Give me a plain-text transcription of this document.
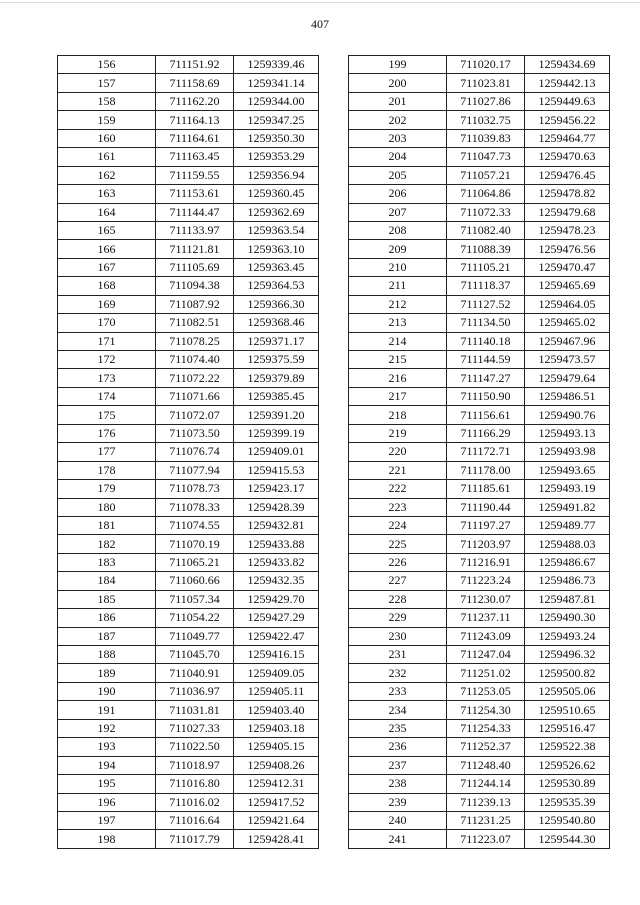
407
156	711151.92	1259339.46
157	711158.69	1259341.14
158	711162.20	1259344.00
159	711164.13	1259347.25
160	711164.61	1259350.30
161	711163.45	1259353.29
162	711159.55	1259356.94
163	711153.61	1259360.45
164	711144.47	1259362.69
165	711133.97	1259363.54
166	711121.81	1259363.10
167	711105.69	1259363.45
168	711094.38	1259364.53
169	711087.92	1259366.30
170	711082.51	1259368.46
171	711078.25	1259371.17
172	711074.40	1259375.59
173	711072.22	1259379.89
174	711071.66	1259385.45
175	711072.07	1259391.20
176	711073.50	1259399.19
177	711076.74	1259409.01
178	711077.94	1259415.53
179	711078.73	1259423.17
180	711078.33	1259428.39
181	711074.55	1259432.81
182	711070.19	1259433.88
183	711065.21	1259433.82
184	711060.66	1259432.35
185	711057.34	1259429.70
186	711054.22	1259427.29
187	711049.77	1259422.47
188	711045.70	1259416.15
189	711040.91	1259409.05
190	711036.97	1259405.11
191	711031.81	1259403.40
192	711027.33	1259403.18
193	711022.50	1259405.15
194	711018.97	1259408.26
195	711016.80	1259412.31
196	711016.02	1259417.52
197	711016.64	1259421.64
198	711017.79	1259428.41
199	711020.17	1259434.69
200	711023.81	1259442.13
201	711027.86	1259449.63
202	711032.75	1259456.22
203	711039.83	1259464.77
204	711047.73	1259470.63
205	711057.21	1259476.45
206	711064.86	1259478.82
207	711072.33	1259479.68
208	711082.40	1259478.23
209	711088.39	1259476.56
210	711105.21	1259470.47
211	711118.37	1259465.69
212	711127.52	1259464.05
213	711134.50	1259465.02
214	711140.18	1259467.96
215	711144.59	1259473.57
216	711147.27	1259479.64
217	711150.90	1259486.51
218	711156.61	1259490.76
219	711166.29	1259493.13
220	711172.71	1259493.98
221	711178.00	1259493.65
222	711185.61	1259493.19
223	711190.44	1259491.82
224	711197.27	1259489.77
225	711203.97	1259488.03
226	711216.91	1259486.67
227	711223.24	1259486.73
228	711230.07	1259487.81
229	711237.11	1259490.30
230	711243.09	1259493.24
231	711247.04	1259496.32
232	711251.02	1259500.82
233	711253.05	1259505.06
234	711254.30	1259510.65
235	711254.33	1259516.47
236	711252.37	1259522.38
237	711248.40	1259526.62
238	711244.14	1259530.89
239	711239.13	1259535.39
240	711231.25	1259540.80
241	711223.07	1259544.30
